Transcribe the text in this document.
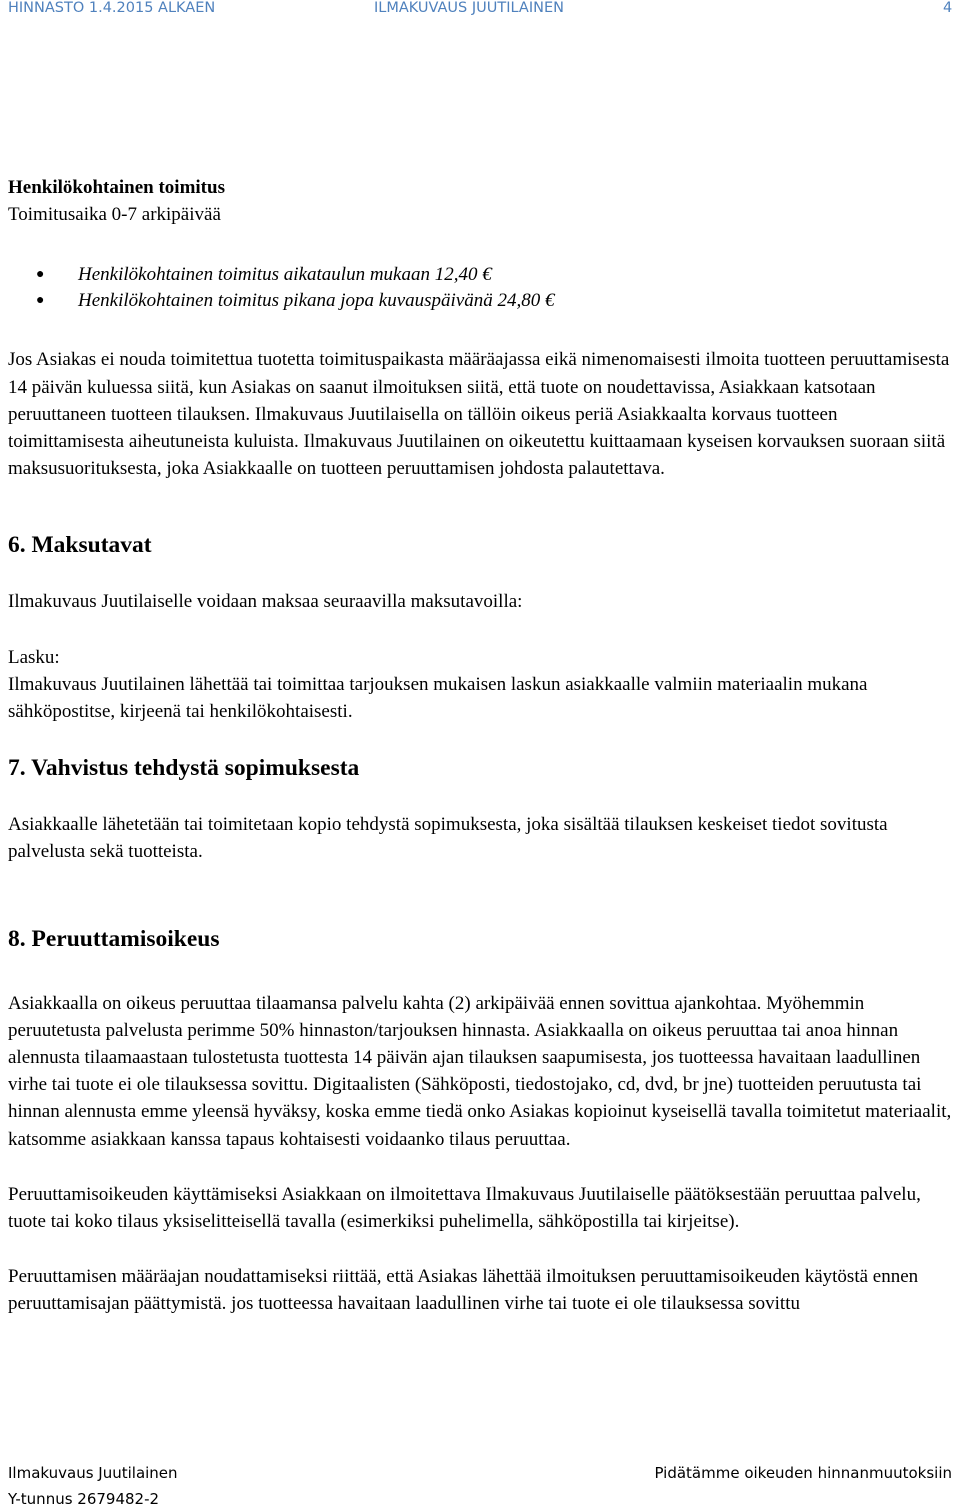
HINNASTO 1.4.2015 ALKAEN	ILMAKUVAUS JUUTILAINEN	4

Henkilökohtainen toimitus

Toimitusaika 0-7 arkipäivää

● Henkilökohtainen toimitus aikataulun mukaan 12,40 €
● Henkilökohtainen toimitus pikana jopa kuvauspäivänä 24,80 €

Jos Asiakas ei nouda toimitettua tuotetta toimituspaikasta määräajassa eikä nimenomaisesti ilmoita tuotteen peruuttamisesta 14 päivän kuluessa siitä, kun Asiakas on saanut ilmoituksen siitä, että tuote on noudettavissa, Asiakkaan katsotaan peruuttaneen tuotteen tilauksen. Ilmakuvaus Juutilaisella on tällöin oikeus periä Asiakkaalta korvaus tuotteen toimittamisesta aiheutuneista kuluista. Ilmakuvaus Juutilainen on oikeutettu kuittaamaan kyseisen korvauksen suoraan siitä maksusuorituksesta, joka Asiakkaalle on tuotteen peruuttamisen johdosta palautettava.

6. Maksutavat

Ilmakuvaus Juutilaiselle voidaan maksaa seuraavilla maksutavoilla:

Lasku:

Ilmakuvaus Juutilainen lähettää tai toimittaa tarjouksen mukaisen laskun asiakkaalle valmiin materiaalin mukana sähköpostitse, kirjeenä tai henkilökohtaisesti.

7. Vahvistus tehdystä sopimuksesta

Asiakkaalle lähetetään tai toimitetaan kopio tehdystä sopimuksesta, joka sisältää tilauksen keskeiset tiedot sovitusta palvelusta sekä tuotteista.

8. Peruuttamisoikeus

Asiakkaalla on oikeus peruuttaa tilaamansa palvelu kahta (2) arkipäivää ennen sovittua ajankohtaa. Myöhemmin peruutetusta palvelusta perimme 50% hinnaston/tarjouksen hinnasta. Asiakkaalla on oikeus peruuttaa tai anoa hinnan alennusta tilaamaastaan tulostetusta tuottesta 14 päivän ajan tilauksen saapumisesta, jos tuotteessa havaitaan laadullinen virhe tai tuote ei ole tilauksessa sovittu. Digitaalisten (Sähköposti, tiedostojako, cd, dvd, br jne) tuotteiden peruutusta tai hinnan alennusta emme yleensä hyväksy, koska emme tiedä onko Asiakas kopioinut kyseisellä tavalla toimitetut materiaalit, katsomme asiakkaan kanssa tapaus kohtaisesti voidaanko tilaus peruuttaa.

Peruuttamisoikeuden käyttämiseksi Asiakkaan on ilmoitettava Ilmakuvaus Juutilaiselle päätöksestään peruuttaa palvelu, tuote tai koko tilaus yksiselitteisellä tavalla (esimerkiksi puhelimella, sähköpostilla tai kirjeitse).

Peruuttamisen määräajan noudattamiseksi riittää, että Asiakas lähettää ilmoituksen peruuttamisoikeuden käytöstä ennen peruuttamisajan päättymistä. jos tuotteessa havaitaan laadullinen virhe tai tuote ei ole tilauksessa sovittu

Ilmakuvaus Juutilainen
Y-tunnus 2679482-2
Pidätämme oikeuden hinnanmuutoksiin
